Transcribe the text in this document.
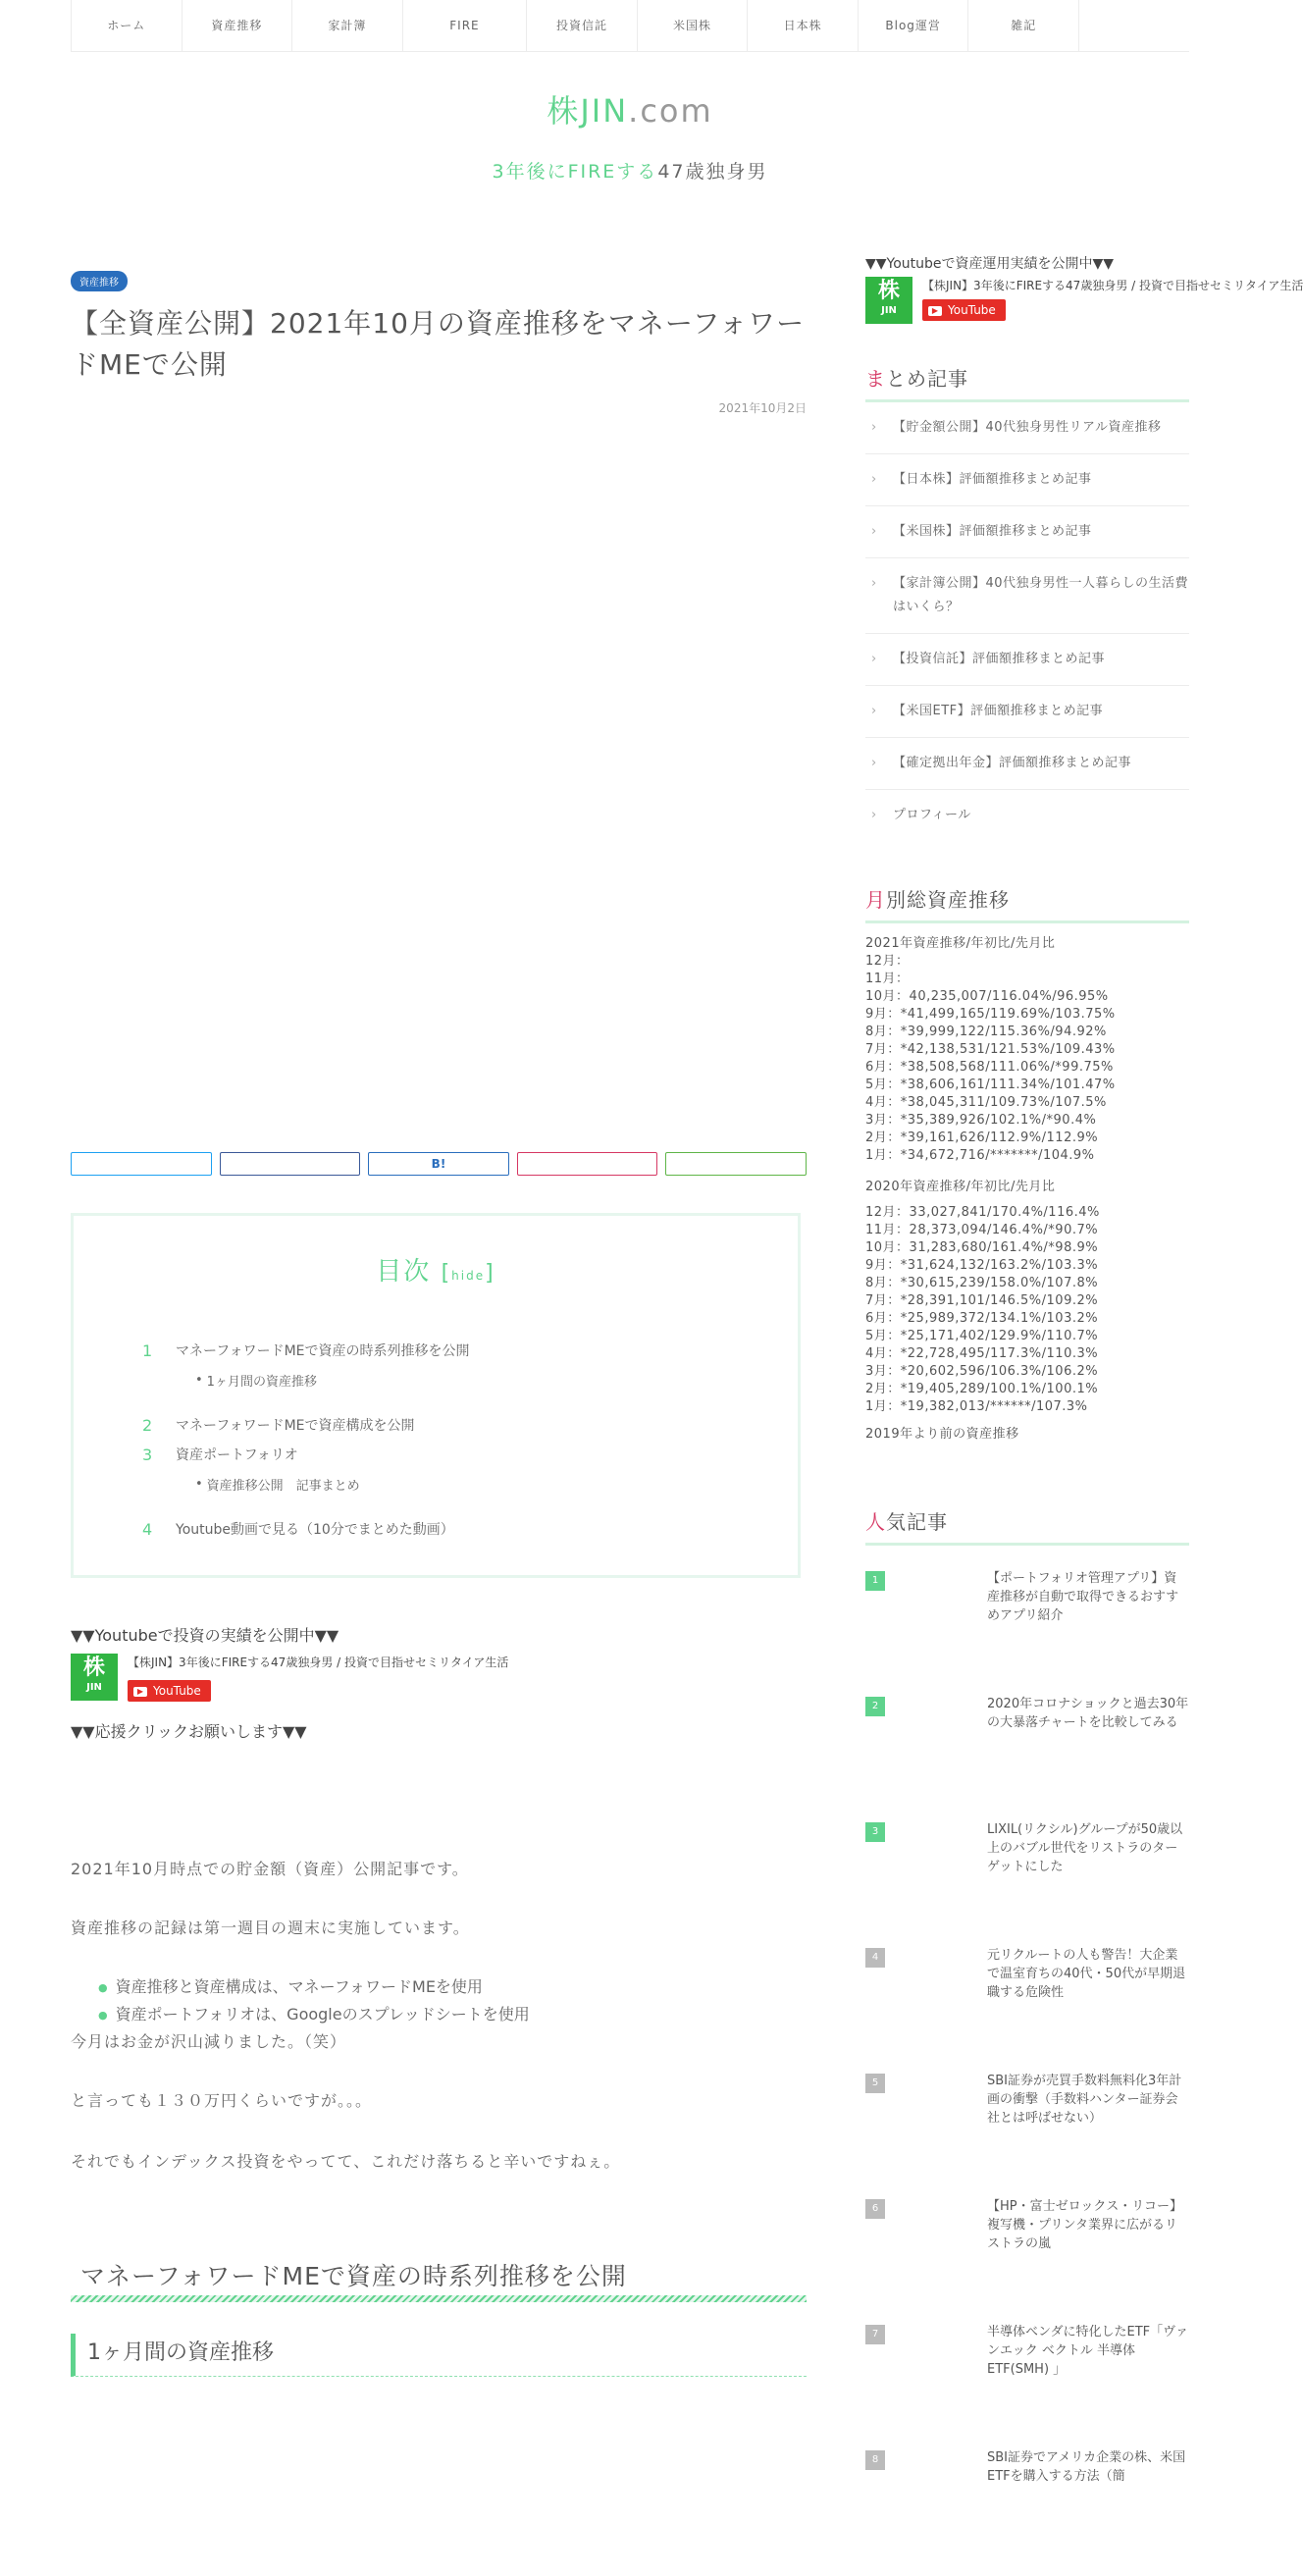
ホーム	資産推移	家計簿	FIRE	投資信託	米国株	日本株	Blog運営	雑記
株JIN.com
3年後にFIREする47歳独身男
資産推移
【全資産公開】2021年10月の資産推移をマネーフォワードMEで公開
2021年10月2日
B!
目次 [hide]
1	マネーフォワードMEで資産の時系列推移を公開
• 1ヶ月間の資産推移
2	マネーフォワードMEで資産構成を公開
3	資産ポートフォリオ
• 資産推移公開　記事まとめ
4	Youtube動画で見る（10分でまとめた動画）
▼▼Youtubeで投資の実績を公開中▼▼
株
JIN
【株JIN】3年後にFIREする47歳独身男 / 投資で目指せセミリタイア生活
▶ YouTube
▼▼応援クリックお願いします▼▼
2021年10月時点での貯金額（資産）公開記事です。
資産推移の記録は第一週目の週末に実施しています。
● 資産推移と資産構成は、マネーフォワードMEを使用
● 資産ポートフォリオは、Googleのスプレッドシートを使用
今月はお金が沢山減りました。（笑）
と言っても１３０万円くらいですが。。。
それでもインデックス投資をやってて、これだけ落ちると辛いですねぇ。
マネーフォワードMEで資産の時系列推移を公開
1ヶ月間の資産推移
▼▼Youtubeで資産運用実績を公開中▼▼
株
JIN
【株JIN】3年後にFIREする47歳独身男 / 投資で目指せセミリタイア生活
▶ YouTube
まとめ記事
› 【貯金額公開】40代独身男性リアル資産推移
› 【日本株】評価額推移まとめ記事
› 【米国株】評価額推移まとめ記事
› 【家計簿公開】40代独身男性一人暮らしの生活費はいくら？
› 【投資信託】評価額推移まとめ記事
› 【米国ETF】評価額推移まとめ記事
› 【確定拠出年金】評価額推移まとめ記事
› プロフィール
月別総資産推移
2021年資産推移/年初比/先月比
12月：
11月：
10月：40,235,007/116.04%/96.95%
9月：*41,499,165/119.69%/103.75%
8月：*39,999,122/115.36%/94.92%
7月：*42,138,531/121.53%/109.43%
6月：*38,508,568/111.06%/*99.75%
5月：*38,606,161/111.34%/101.47%
4月：*38,045,311/109.73%/107.5%
3月：*35,389,926/102.1%/*90.4%
2月：*39,161,626/112.9%/112.9%
1月：*34,672,716/*******/104.9%
2020年資産推移/年初比/先月比
12月：33,027,841/170.4%/116.4%
11月：28,373,094/146.4%/*90.7%
10月：31,283,680/161.4%/*98.9%
9月：*31,624,132/163.2%/103.3%
8月：*30,615,239/158.0%/107.8%
7月：*28,391,101/146.5%/109.2%
6月：*25,989,372/134.1%/103.2%
5月：*25,171,402/129.9%/110.7%
4月：*22,728,495/117.3%/110.3%
3月：*20,602,596/106.3%/106.2%
2月：*19,405,289/100.1%/100.1%
1月：*19,382,013/******/107.3%
2019年より前の資産推移
人気記事
1	【ポートフォリオ管理アプリ】資産推移が自動で取得できるおすすめアプリ紹介
2	2020年コロナショックと過去30年の大暴落チャートを比較してみる
3	LIXIL(リクシル)グループが50歳以上のバブル世代をリストラのターゲットにした
4	元リクルートの人も警告！大企業で温室育ちの40代・50代が早期退職する危険性
5	SBI証券が売買手数料無料化3年計画の衝撃（手数料ハンター証券会社とは呼ばせない）
6	【HP・富士ゼロックス・リコー】複写機・プリンタ業界に広がるリストラの嵐
7	半導体ベンダに特化したETF「ヴァンエック ベクトル 半導体 ETF(SMH) 」
8	SBI証券でアメリカ企業の株、米国ETFを購入する方法（簡
